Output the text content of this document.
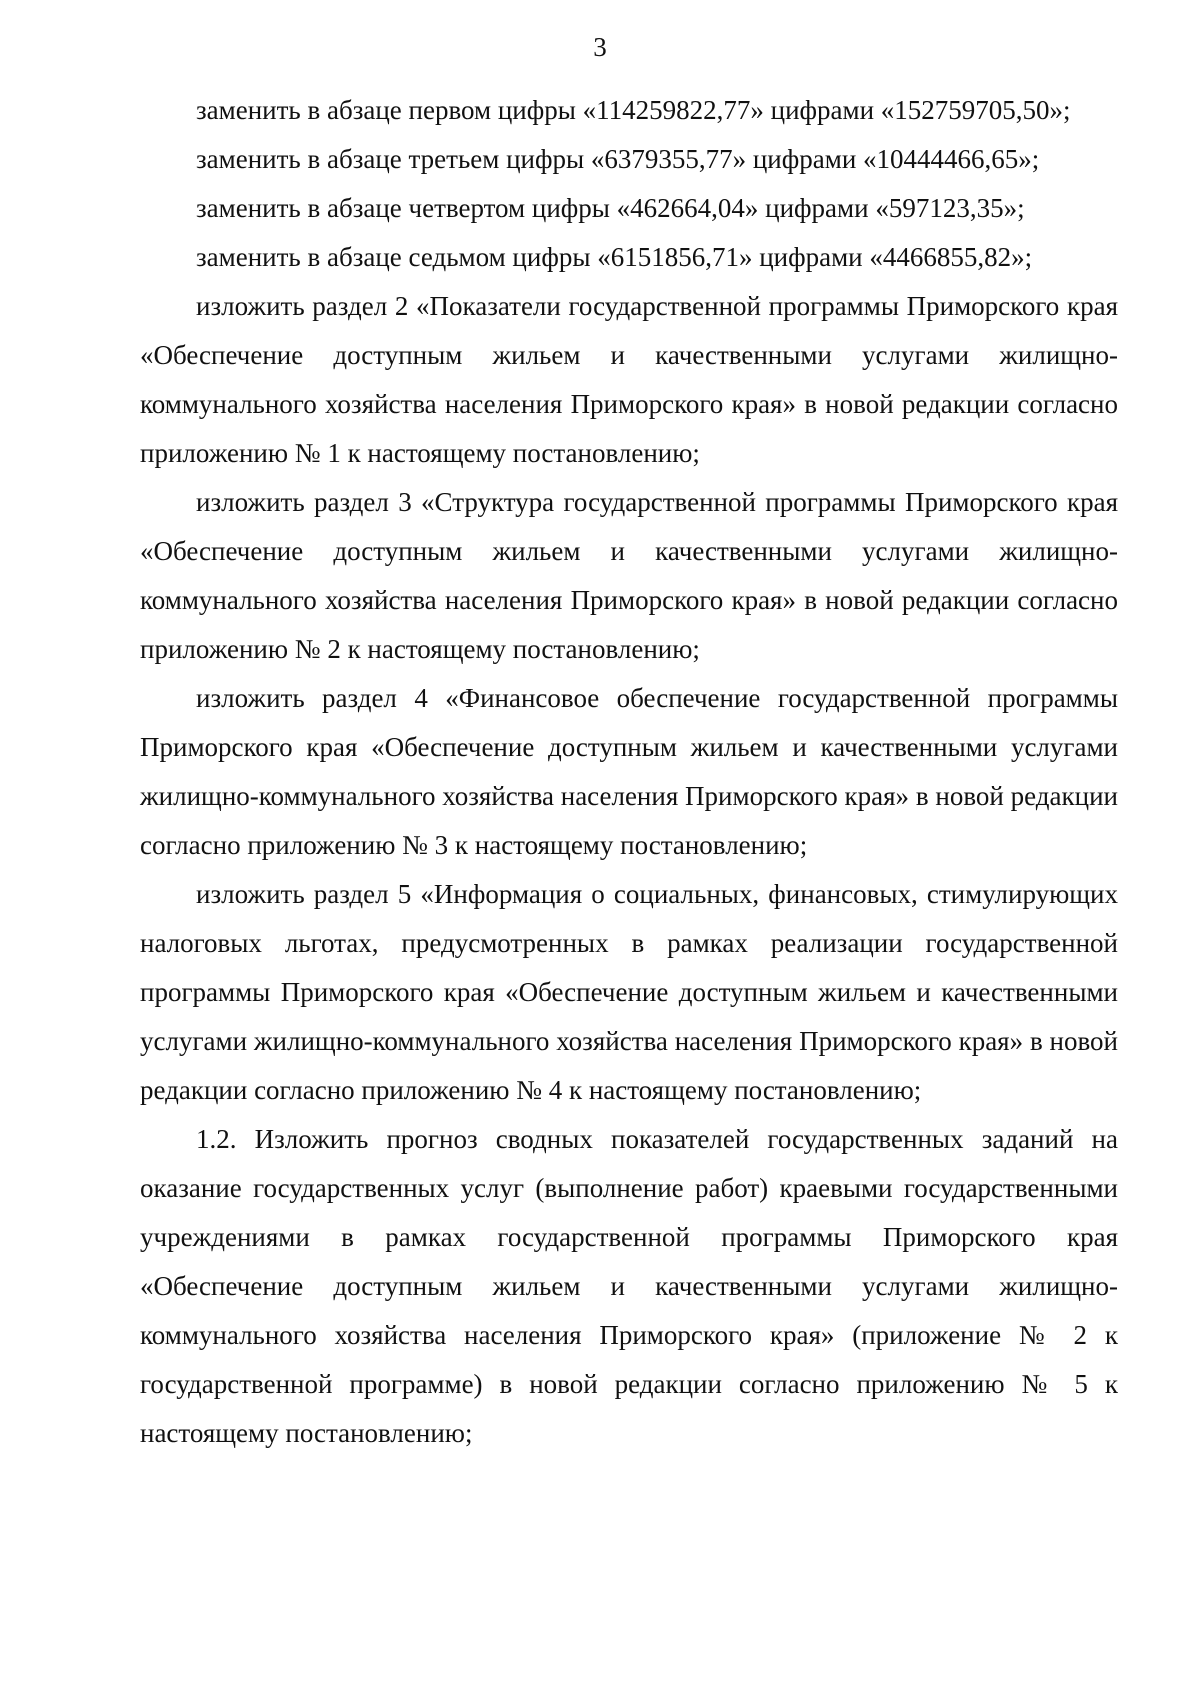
3

заменить в абзаце первом цифры «114259822,77» цифрами «152759705,50»;

заменить в абзаце третьем цифры «6379355,77» цифрами «10444466,65»;

заменить в абзаце четвертом цифры «462664,04» цифрами «597123,35»;

заменить в абзаце седьмом цифры «6151856,71» цифрами «4466855,82»;

изложить раздел 2 «Показатели государственной программы Приморского края «Обеспечение доступным жильем и качественными услугами жилищно-коммунального хозяйства населения Приморского края» в новой редакции согласно приложению № 1 к настоящему постановлению;

изложить раздел 3 «Структура государственной программы Приморского края «Обеспечение доступным жильем и качественными услугами жилищно-коммунального хозяйства населения Приморского края» в новой редакции согласно приложению № 2 к настоящему постановлению;

изложить раздел 4 «Финансовое обеспечение государственной программы Приморского края «Обеспечение доступным жильем и качественными услугами жилищно-коммунального хозяйства населения Приморского края» в новой редакции согласно приложению № 3 к настоящему постановлению;

изложить раздел 5 «Информация о социальных, финансовых, стимулирующих налоговых льготах, предусмотренных в рамках реализации государственной программы Приморского края «Обеспечение доступным жильем и качественными услугами жилищно-коммунального хозяйства населения Приморского края» в новой редакции согласно приложению № 4 к настоящему постановлению;

1.2. Изложить прогноз сводных показателей государственных заданий на оказание государственных услуг (выполнение работ) краевыми государственными учреждениями в рамках государственной программы Приморского края «Обеспечение доступным жильем и качественными услугами жилищно-коммунального хозяйства населения Приморского края» (приложение № 2 к государственной программе) в новой редакции согласно приложению № 5 к настоящему постановлению;
